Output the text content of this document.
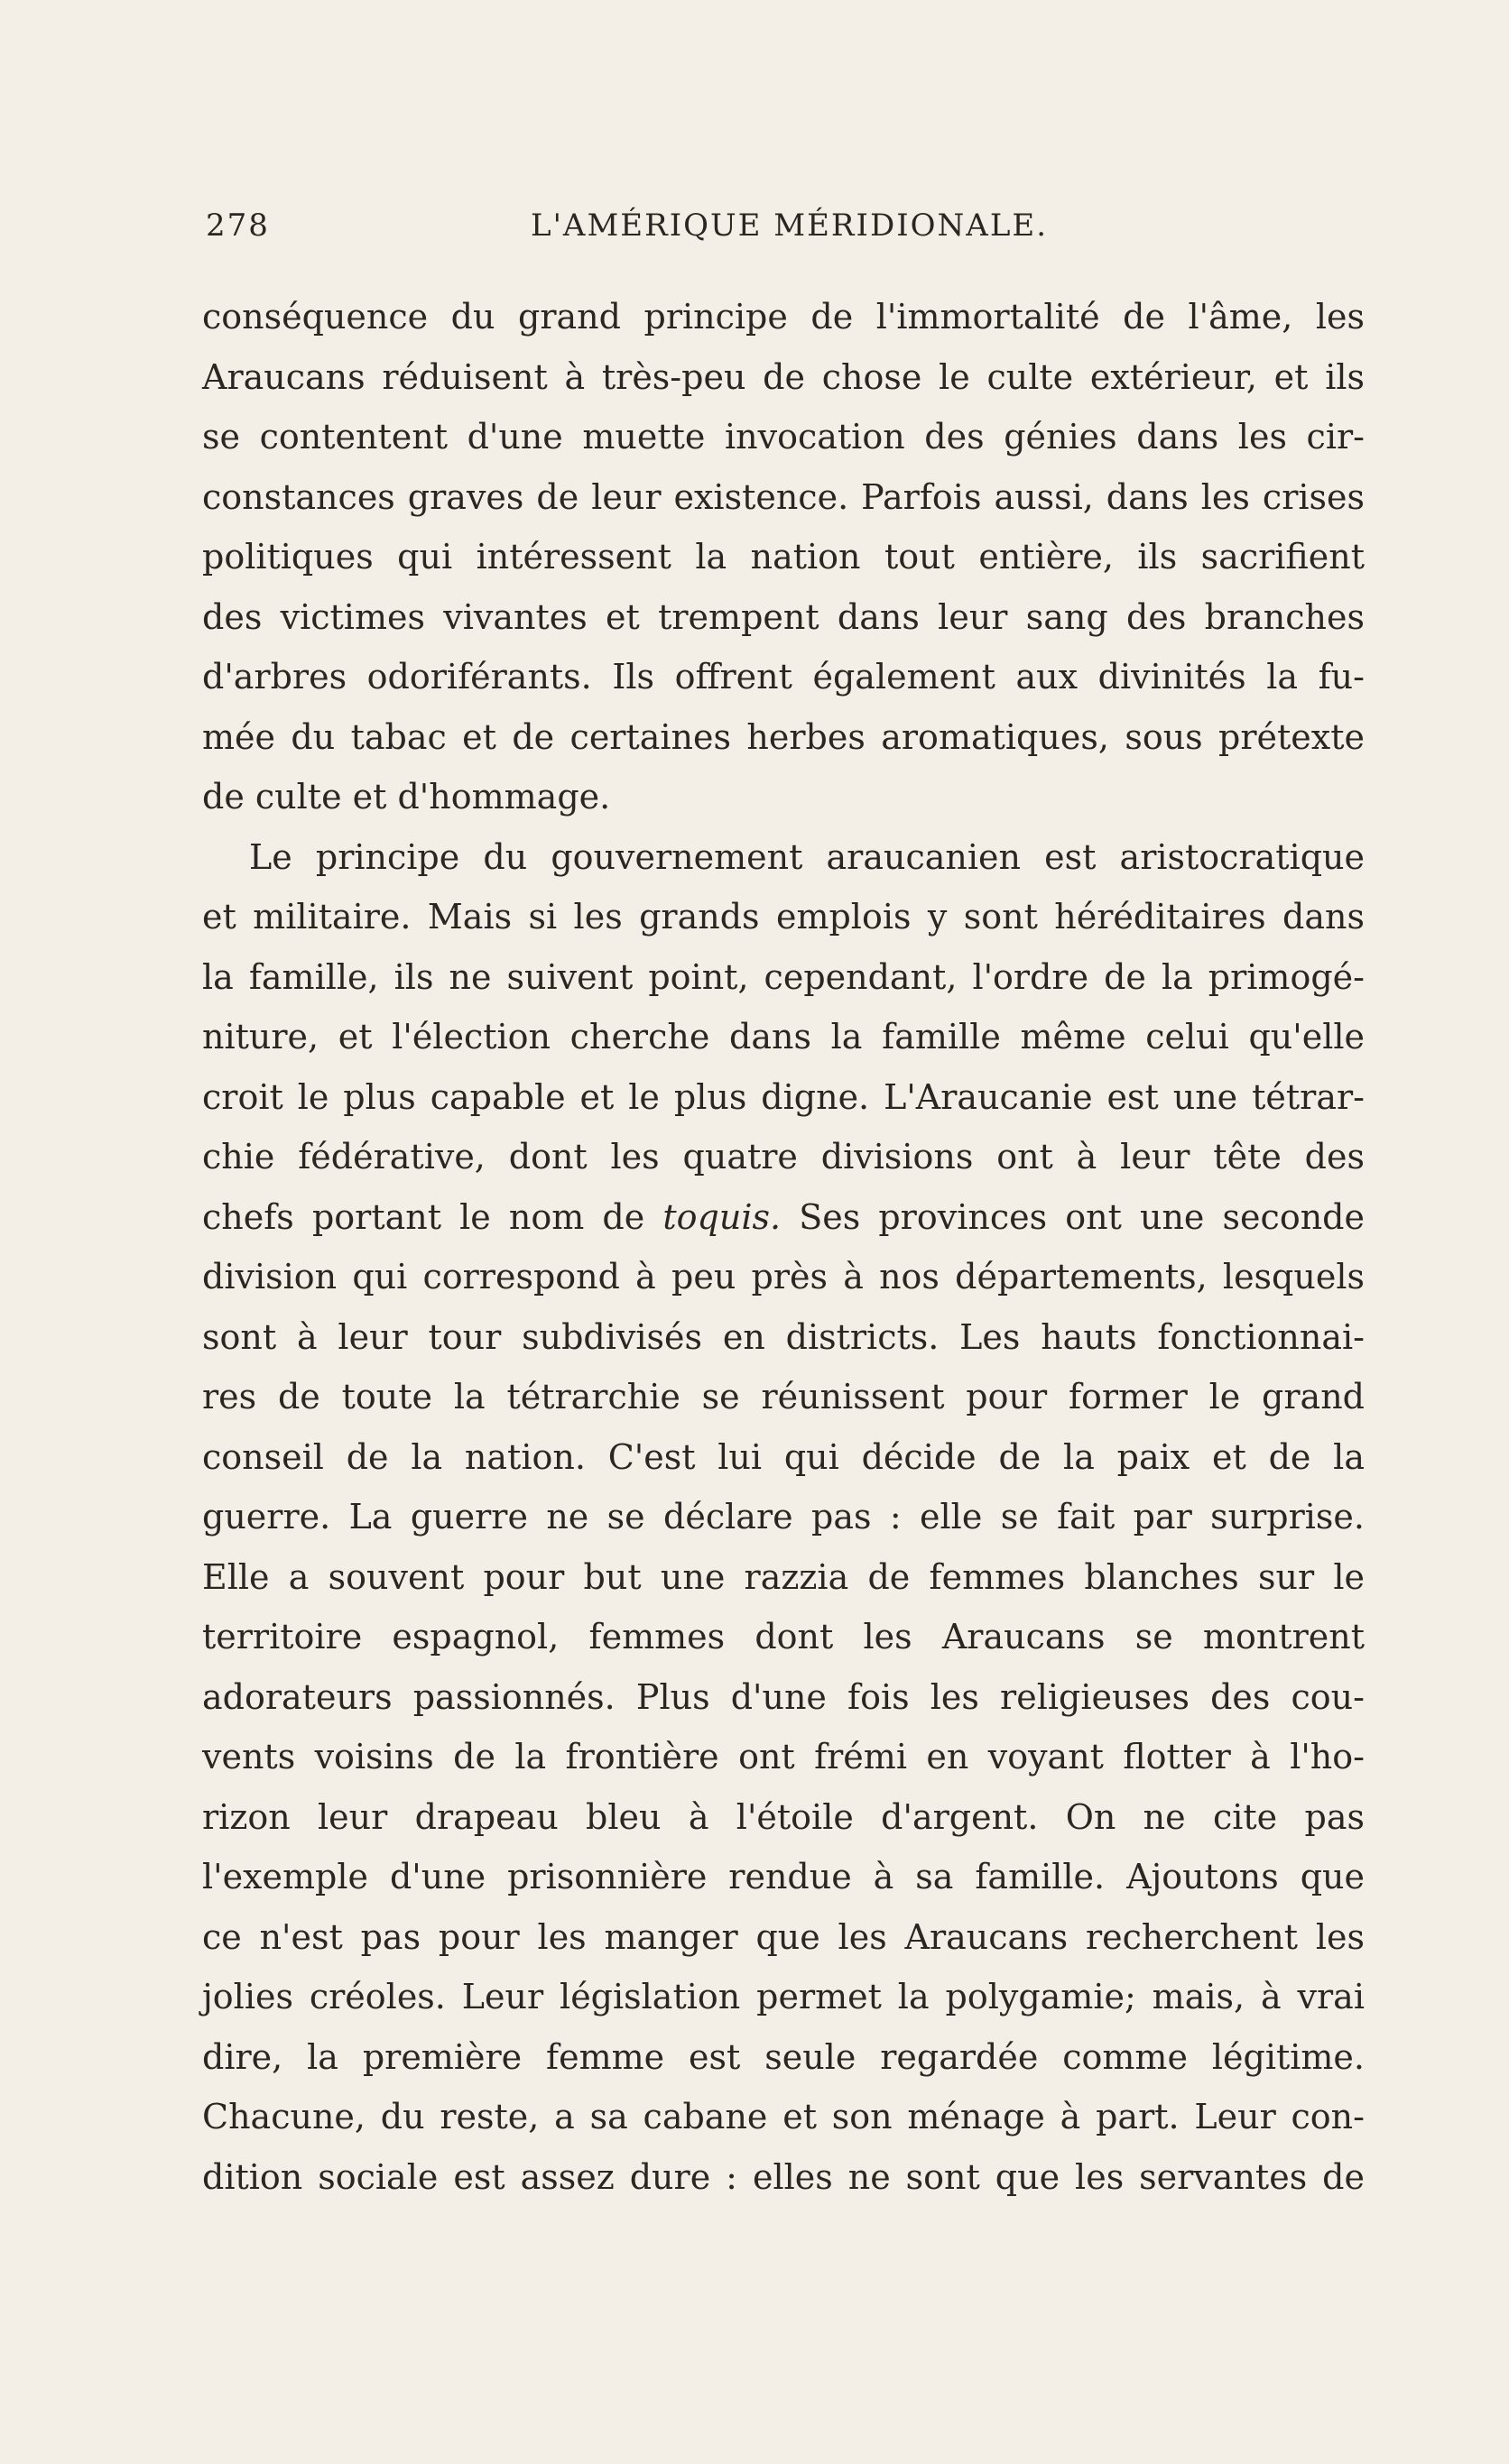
278	L'AMÉRIQUE MÉRIDIONALE.
conséquence du grand principe de l'immortalité de l'âme, les
Araucans réduisent à très-peu de chose le culte extérieur, et ils
se contentent d'une muette invocation des génies dans les cir-
constances graves de leur existence. Parfois aussi, dans les crises
politiques qui intéressent la nation tout entière, ils sacrifient
des victimes vivantes et trempent dans leur sang des branches
d'arbres odoriférants. Ils offrent également aux divinités la fu-
mée du tabac et de certaines herbes aromatiques, sous prétexte
de culte et d'hommage.
Le principe du gouvernement araucanien est aristocratique
et militaire. Mais si les grands emplois y sont héréditaires dans
la famille, ils ne suivent point, cependant, l'ordre de la primogé-
niture, et l'élection cherche dans la famille même celui qu'elle
croit le plus capable et le plus digne. L'Araucanie est une tétrar-
chie fédérative, dont les quatre divisions ont à leur tête des
chefs portant le nom de toquis. Ses provinces ont une seconde
division qui correspond à peu près à nos départements, lesquels
sont à leur tour subdivisés en districts. Les hauts fonctionnai-
res de toute la tétrarchie se réunissent pour former le grand
conseil de la nation. C'est lui qui décide de la paix et de la
guerre. La guerre ne se déclare pas : elle se fait par surprise.
Elle a souvent pour but une razzia de femmes blanches sur le
territoire espagnol, femmes dont les Araucans se montrent
adorateurs passionnés. Plus d'une fois les religieuses des cou-
vents voisins de la frontière ont frémi en voyant flotter à l'ho-
rizon leur drapeau bleu à l'étoile d'argent. On ne cite pas
l'exemple d'une prisonnière rendue à sa famille. Ajoutons que
ce n'est pas pour les manger que les Araucans recherchent les
jolies créoles. Leur législation permet la polygamie; mais, à vrai
dire, la première femme est seule regardée comme légitime.
Chacune, du reste, a sa cabane et son ménage à part. Leur con-
dition sociale est assez dure : elles ne sont que les servantes de
